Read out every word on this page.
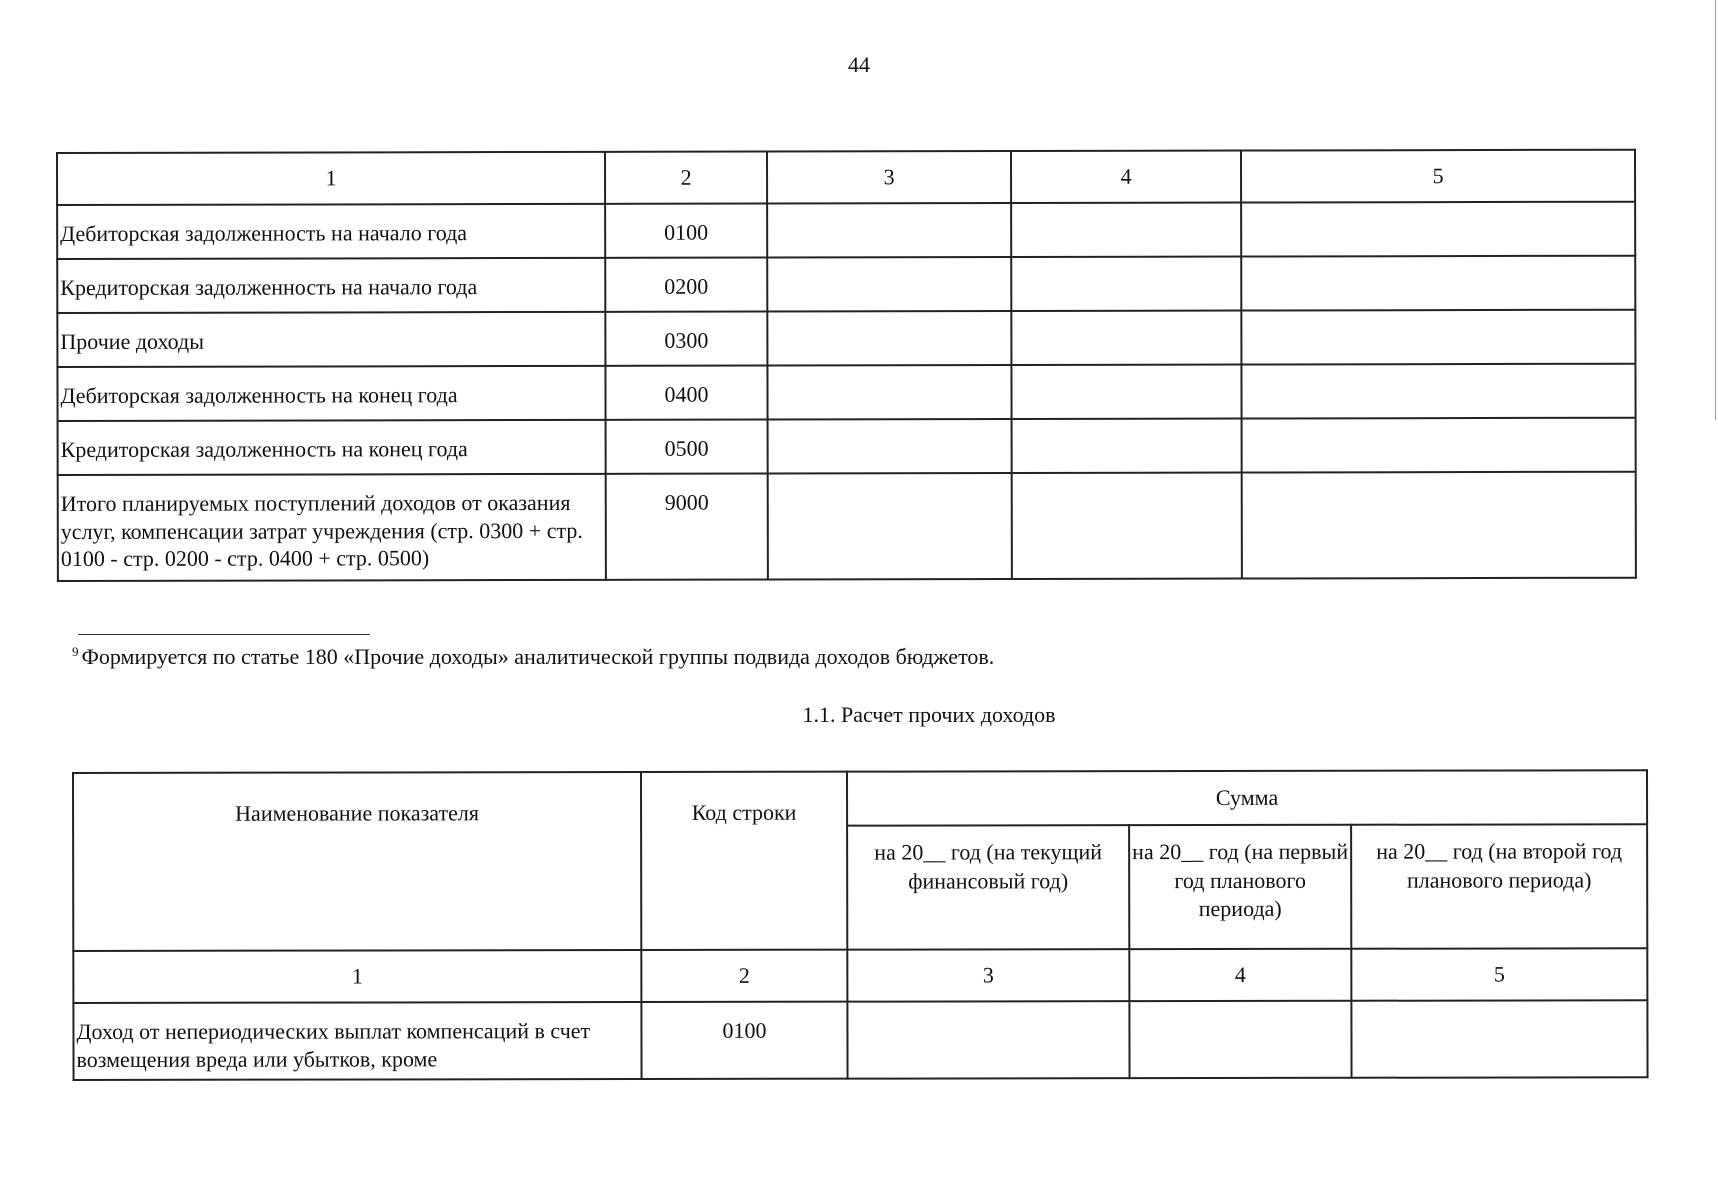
44
1	2	3	4	5
Дебиторская задолженность на начало года	0100			
Кредиторская задолженность на начало года	0200			
Прочие доходы	0300			
Дебиторская задолженность на конец года	0400			
Кредиторская задолженность на конец года	0500			
Итого планируемых поступлений доходов от оказания услуг, компенсации затрат учреждения (стр. 0300 + стр. 0100 - стр. 0200 - стр. 0400 + стр. 0500)	9000			
$^9$ Формируется по статье 180 «Прочие доходы» аналитической группы подвида доходов бюджетов.
1.1. Расчет прочих доходов
Наименование показателя	Код строки	Сумма		
		на 20__ год (на текущий финансовый год)	на 20__ год (на первый год планового периода)	на 20__ год (на второй год планового периода)
1	2	3	4	5
Доход от непериодических выплат компенсаций в счет возмещения вреда или убытков, кроме	0100			
